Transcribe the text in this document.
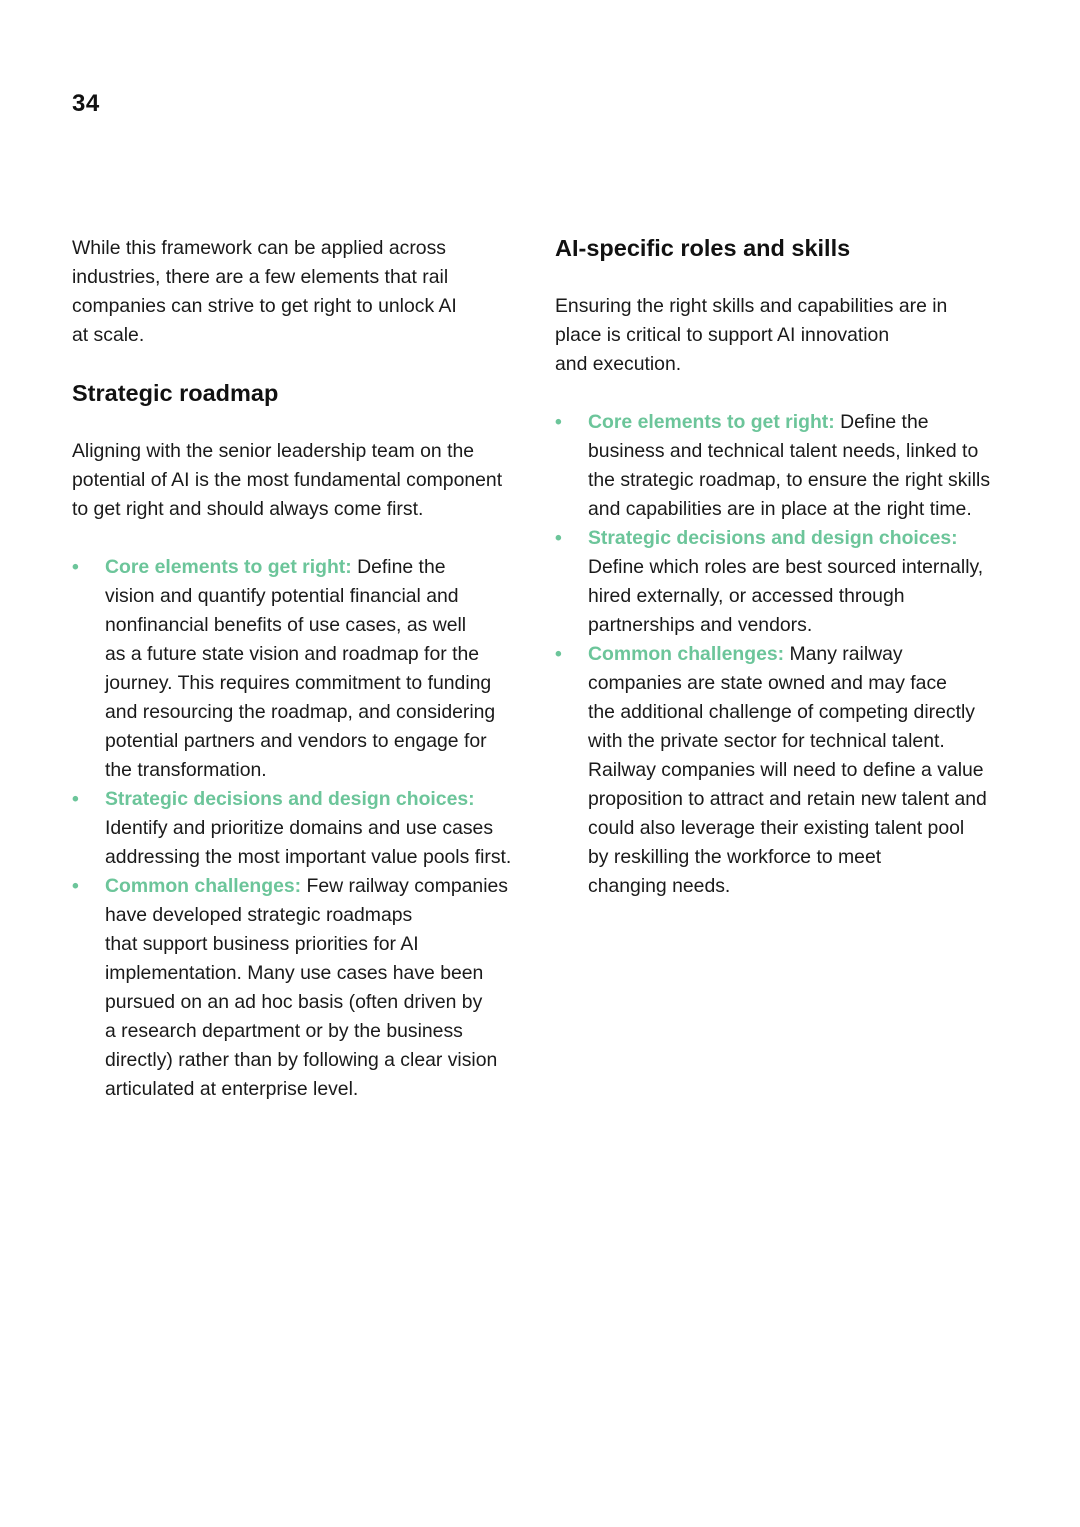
34

While this framework can be applied across
industries, there are a few elements that rail
companies can strive to get right to unlock AI
at scale.

Strategic roadmap

Aligning with the senior leadership team on the
potential of AI is the most fundamental component
to get right and should always come first.

•	Core elements to get right: Define the
vision and quantify potential financial and
nonfinancial benefits of use cases, as well
as a future state vision and roadmap for the
journey. This requires commitment to funding
and resourcing the roadmap, and considering
potential partners and vendors to engage for
the transformation.
•	Strategic decisions and design choices:
Identify and prioritize domains and use cases
addressing the most important value pools first.
•	Common challenges: Few railway companies
have developed strategic roadmaps
that support business priorities for AI
implementation. Many use cases have been
pursued on an ad hoc basis (often driven by
a research department or by the business
directly) rather than by following a clear vision
articulated at enterprise level.
AI-specific roles and skills

Ensuring the right skills and capabilities are in
place is critical to support AI innovation
and execution.

•	Core elements to get right: Define the
business and technical talent needs, linked to
the strategic roadmap, to ensure the right skills
and capabilities are in place at the right time.
•	Strategic decisions and design choices:
Define which roles are best sourced internally,
hired externally, or accessed through
partnerships and vendors.
•	Common challenges: Many railway
companies are state owned and may face
the additional challenge of competing directly
with the private sector for technical talent.
Railway companies will need to define a value
proposition to attract and retain new talent and
could also leverage their existing talent pool
by reskilling the workforce to meet
changing needs.
